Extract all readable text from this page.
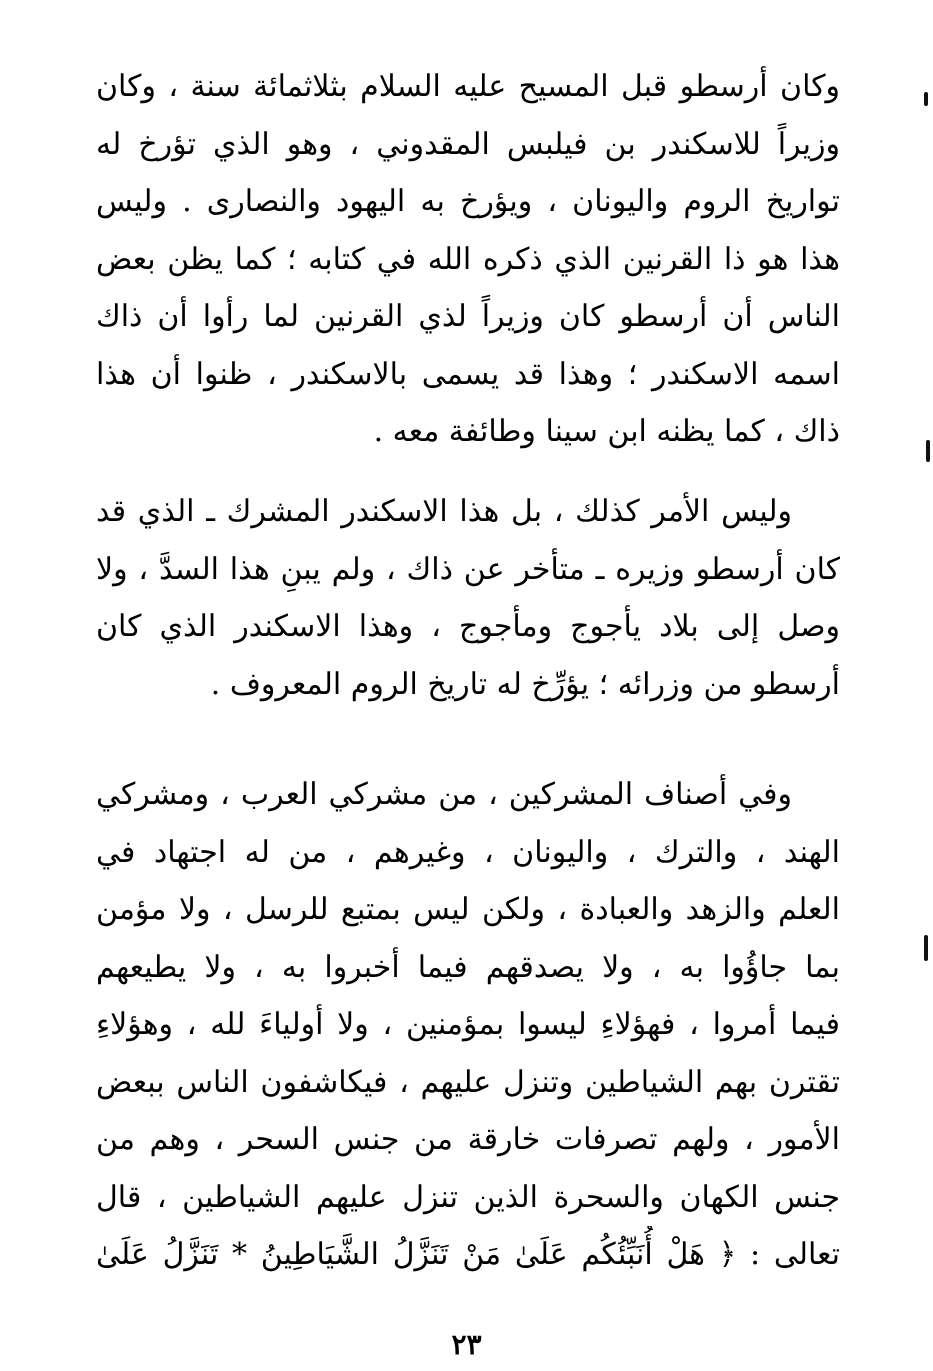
وكان أرسطو قبل المسيح عليه السلام بثلاثمائة سنة ، وكان
وزيراً للاسكندر بن فيلبس المقدوني ، وهو الذي تؤرخ له
تواريخ الروم واليونان ، ويؤرخ به اليهود والنصارى . وليس
هذا هو ذا القرنين الذي ذكره الله في كتابه ؛ كما يظن بعض
الناس أن أرسطو كان وزيراً لذي القرنين لما رأوا أن ذاك
اسمه الاسكندر ؛ وهذا قد يسمى بالاسكندر ، ظنوا أن هذا
ذاك ، كما يظنه ابن سينا وطائفة معه .
وليس الأمر كذلك ، بل هذا الاسكندر المشرك ـ الذي قد
كان أرسطو وزيره ـ متأخر عن ذاك ، ولم يبنِ هذا السدَّ ، ولا
وصل إلى بلاد يأجوج ومأجوج ، وهذا الاسكندر الذي كان
أرسطو من وزرائه ؛ يؤرِّخ له تاريخ الروم المعروف .
وفي أصناف المشركين ، من مشركي العرب ، ومشركي
الهند ، والترك ، واليونان ، وغيرهم ، من له اجتهاد في
العلم والزهد والعبادة ، ولكن ليس بمتبع للرسل ، ولا مؤمن
بما جاؤُوا به ، ولا يصدقهم فيما أخبروا به ، ولا يطيعهم
فيما أمروا ، فهؤلاءِ ليسوا بمؤمنين ، ولا أولياءَ لله ، وهؤلاءِ
تقترن بهم الشياطين وتنزل عليهم ، فيكاشفون الناس ببعض
الأمور ، ولهم تصرفات خارقة من جنس السحر ، وهم من
جنس الكهان والسحرة الذين تنزل عليهم الشياطين ، قال
تعالى : ﴿ هَلْ أُنَبِّئُكُم عَلَىٰ مَنْ تَنَزَّلُ الشَّيَاطِينُ * تَنَزَّلُ عَلَىٰ
٢٣
